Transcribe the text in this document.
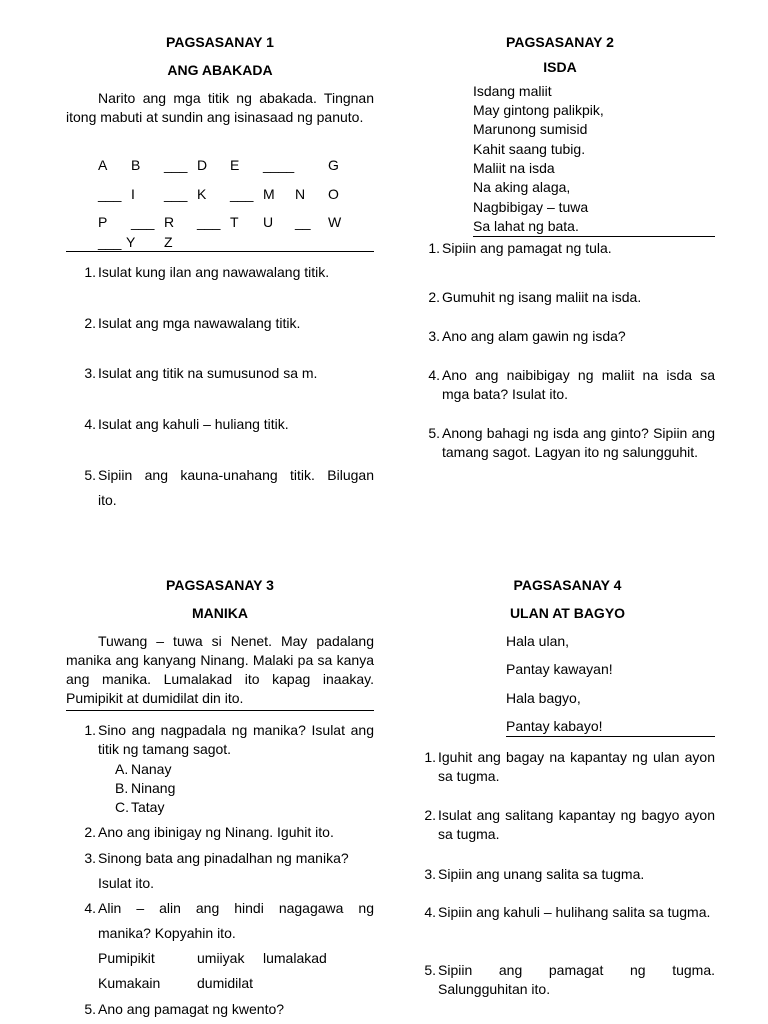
PAGSASANAY 1
ANG ABAKADA
Narito ang mga titik ng abakada. Tingnan itong mabuti at sundin ang isinasaad ng panuto.
A B ___ D E ____ G
___ I ___ K ___ M N O
P ___ R ___ T U __ W
___ Y Z
1. Isulat kung ilan ang nawawalang titik.
2. Isulat ang mga nawawalang titik.
3. Isulat ang titik na sumusunod sa m.
4. Isulat ang kahuli – huliang titik.
5. Sipiin ang kauna-unahang titik. Bilugan
ito.
PAGSASANAY 2
ISDA
Isdang maliit
May gintong palikpik,
Marunong sumisid
Kahit saang tubig.
Maliit na isda
Na aking alaga,
Nagbibigay – tuwa
Sa lahat ng bata.
1. Sipiin ang pamagat ng tula.
2. Gumuhit ng isang maliit na isda.
3. Ano ang alam gawin ng isda?
4. Ano ang naibibigay ng maliit na isda sa mga bata? Isulat ito.
5. Anong bahagi ng isda ang ginto? Sipiin ang tamang sagot. Lagyan ito ng salungguhit.
PAGSASANAY 3
MANIKA
Tuwang – tuwa si Nenet. May padalang manika ang kanyang Ninang. Malaki pa sa kanya ang manika. Lumalakad ito kapag inaakay. Pumipikit at dumidilat din ito.
1. Sino ang nagpadala ng manika? Isulat ang titik ng tamang sagot.
A. Nanay
B. Ninang
C. Tatay
2. Ano ang ibinigay ng Ninang. Iguhit ito.
3. Sinong bata ang pinadalhan ng manika?
Isulat ito.
4. Alin – alin ang hindi nagagawa ng
manika? Kopyahin ito.
Pumipikit	umiiyak lumalakad
Kumakain	dumidilat
5. Ano ang pamagat ng kwento?
PAGSASANAY 4
ULAN AT BAGYO
Hala ulan,
Pantay kawayan!
Hala bagyo,
Pantay kabayo!
1. Iguhit ang bagay na kapantay ng ulan ayon sa tugma.
2. Isulat ang salitang kapantay ng bagyo ayon sa tugma.
3. Sipiin ang unang salita sa tugma.
4. Sipiin ang kahuli – hulihang salita sa tugma.
5. Sipiin ang pamagat ng tugma. Salungguhitan ito.
